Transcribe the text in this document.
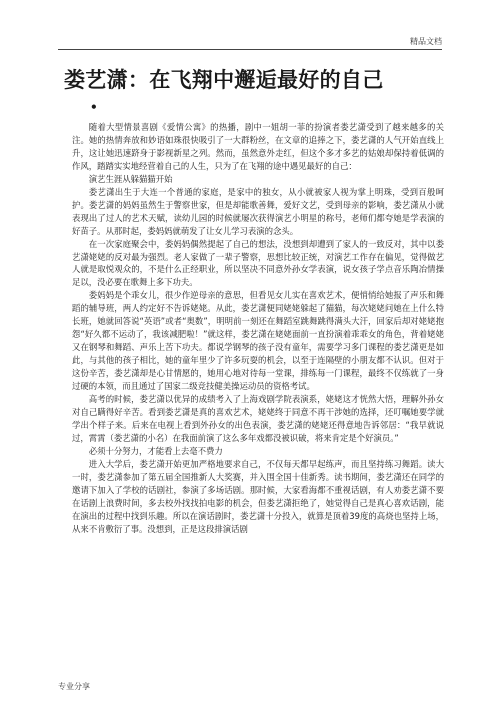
精品文档
娄艺潇：在飞翔中邂逅最好的自己
•

随着大型情景喜剧《爱情公寓》的热播，剧中一姐胡一菲的扮演者娄艺潇受到了越来越多的关注。她的热情奔放和妙语如珠很快吸引了一大群粉丝，在文章的追捧之下，娄艺潇的人气开始直线上升，这让她迅速跻身于影视新星之列。然而，虽然意外走红，但这个多才多艺的姑娘却保持着低调的作风，踏踏实实地经营着自己的人生，只为了在飞翔的途中遇见最好的自己：

演艺生涯从躲猫猫开始

娄艺潇出生于大连一个普通的家庭，是家中的独女，从小就被家人视为掌上明珠，受到百般呵护。娄艺潇的妈妈虽然生于警察世家，但是却能歌善舞，爱好文艺，受到母亲的影响，娄艺潇从小就表现出了过人的艺术天赋，读幼儿园的时候就屡次获得演艺小明星的称号，老师们都夸她是学表演的好苗子。从那时起，娄妈妈就萌发了让女儿学习表演的念头。

在一次家庭聚会中，娄妈妈偶然提起了自己的想法，没想到却遭到了家人的一致反对，其中以娄艺潇姥姥的反对最为强烈。老人家做了一辈子警察，思想比较正统，对演艺工作存在偏见，觉得做艺人就是取悦观众的，不是什么正经职业，所以坚决不同意外孙女学表演，说女孩子学点音乐陶冶情操足以，没必要在歌舞上多下功夫。

娄妈妈是个乖女儿，很少作逆母亲的意思，但看见女儿实在喜欢艺术，便悄悄给她报了声乐和舞蹈的辅导班，两人约定好不告诉姥姥。从此，娄艺潇便同姥姥躲起了猫猫，每次姥姥问她在上什么特长班，她就回答说“英语”或者“奥数”，明明前一刻还在舞蹈室跳舞跳得满头大汗，回家后却对姥姥抱怨“好久都不运动了，我该减肥啦！”就这样，娄艺潇在姥姥面前一直扮演着乖乖女的角色，背着姥姥又在钢琴和舞蹈、声乐上苦下功夫。都说学钢琴的孩子没有童年，需要学习多门课程的娄艺潇更是如此，与其他的孩子相比，她的童年里少了许多玩耍的机会，以至于连隔壁的小朋友都不认识。但对于这份辛苦，娄艺潇却是心甘情愿的，她用心地对待每一堂课，排练每一门课程，最终不仅练就了一身过硬的本领，而且通过了国家二级竞技健美操运动员的资格考试。

高考的时候，娄艺潇以优异的成绩考入了上海戏剧学院表演系，姥姥这才恍然大悟，理解外孙女对自己瞒得好辛苦。看到娄艺潇是真的喜欢艺术，姥姥终于同意不再干涉她的选择，还叮嘱她要学就学出个样子来。后来在电视上看到外孙女的出色表演，娄艺潇的姥姥还得意地告诉邻居：“我早就说过，霄霄（娄艺潇的小名）在我面前演了这么多年戏都没被识破，将来肯定是个好演员。”

必须十分努力，才能看上去毫不费力

进入大学后，娄艺潇开始更加严格地要求自己，不仅每天都早起练声，而且坚持练习舞蹈。读大一时，娄艺潇参加了第五届全国推新人大奖赛，并入围全国十佳新秀。读书期间，娄艺潇还在同学的邀请下加入了学校的话剧社，参演了多场话剧。那时候，大家看海都不重视话剧，有人劝娄艺潇不要在话剧上浪费时间，多去校外找找拍电影的机会，但娄艺潇拒绝了，她觉得自己是真心喜欢话剧，能在演出的过程中找到乐趣。所以在演话剧时，娄艺潇十分投入，就算是顶着39度的高烧也坚持上场，从来不肯敷衍了事。没想到，正是这段排演话剧

专业分享
